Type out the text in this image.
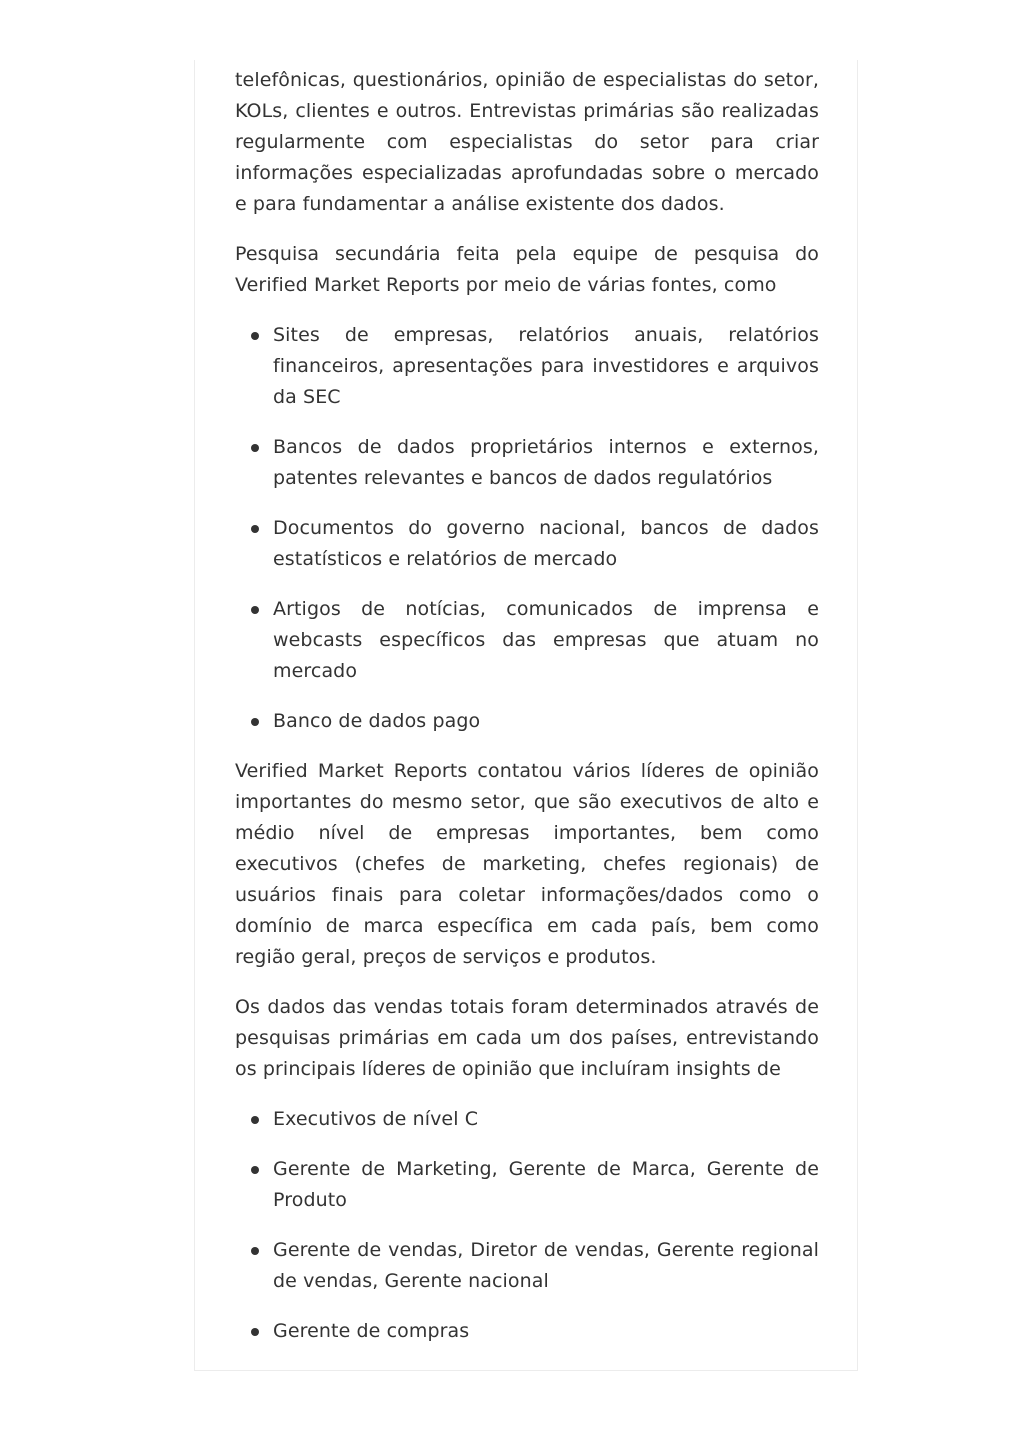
telefônicas, questionários, opinião de especialistas do setor, KOLs, clientes e outros. Entrevistas primárias são realizadas regularmente com especialistas do setor para criar informações especializadas aprofundadas sobre o mercado e para fundamentar a análise existente dos dados.

Pesquisa secundária feita pela equipe de pesquisa do Verified Market Reports por meio de várias fontes, como

Sites de empresas, relatórios anuais, relatórios financeiros, apresentações para investidores e arquivos da SEC
Bancos de dados proprietários internos e externos, patentes relevantes e bancos de dados regulatórios
Documentos do governo nacional, bancos de dados estatísticos e relatórios de mercado
Artigos de notícias, comunicados de imprensa e webcasts específicos das empresas que atuam no mercado
Banco de dados pago

Verified Market Reports contatou vários líderes de opinião importantes do mesmo setor, que são executivos de alto e médio nível de empresas importantes, bem como executivos (chefes de marketing, chefes regionais) de usuários finais para coletar informações/dados como o domínio de marca específica em cada país, bem como região geral, preços de serviços e produtos.

Os dados das vendas totais foram determinados através de pesquisas primárias em cada um dos países, entrevistando os principais líderes de opinião que incluíram insights de

Executivos de nível C
Gerente de Marketing, Gerente de Marca, Gerente de Produto
Gerente de vendas, Diretor de vendas, Gerente regional de vendas, Gerente nacional
Gerente de compras
